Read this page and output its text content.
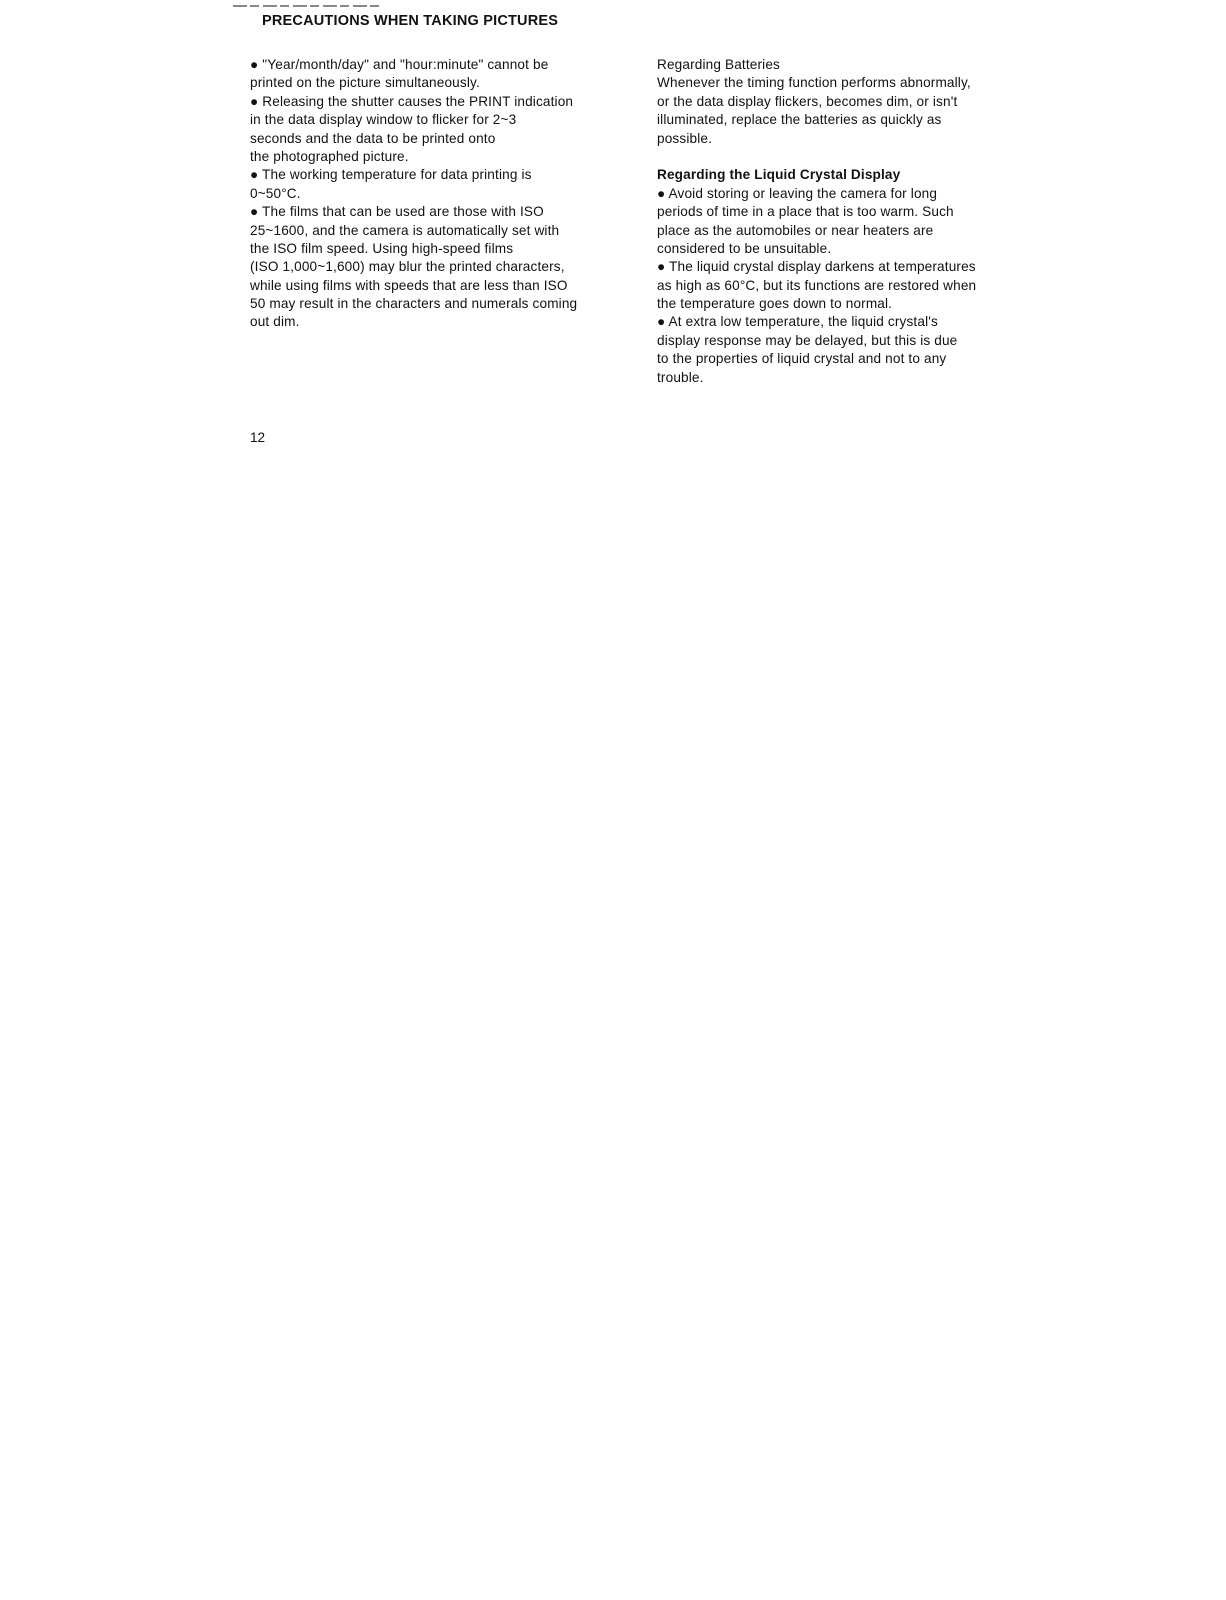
PRECAUTIONS WHEN TAKING PICTURES
● "Year/month/day" and "hour:minute" cannot be
printed on the picture simultaneously.
● Releasing the shutter causes the PRINT indication
in the data display window to flicker for 2~3
seconds and the data to be printed onto
the photographed picture.
● The working temperature for data printing is
0~50°C.
● The films that can be used are those with ISO
25~1600, and the camera is automatically set with
the ISO film speed. Using high-speed films
(ISO 1,000~1,600) may blur the printed characters,
while using films with speeds that are less than ISO
50 may result in the characters and numerals coming
out dim.
Regarding Batteries
Whenever the timing function performs abnormally,
or the data display flickers, becomes dim, or isn't
illuminated, replace the batteries as quickly as
possible.
Regarding the Liquid Crystal Display
● Avoid storing or leaving the camera for long
periods of time in a place that is too warm. Such
place as the automobiles or near heaters are
considered to be unsuitable.
● The liquid crystal display darkens at temperatures
as high as 60°C, but its functions are restored when
the temperature goes down to normal.
● At extra low temperature, the liquid crystal's
display response may be delayed, but this is due
to the properties of liquid crystal and not to any
trouble.
12
